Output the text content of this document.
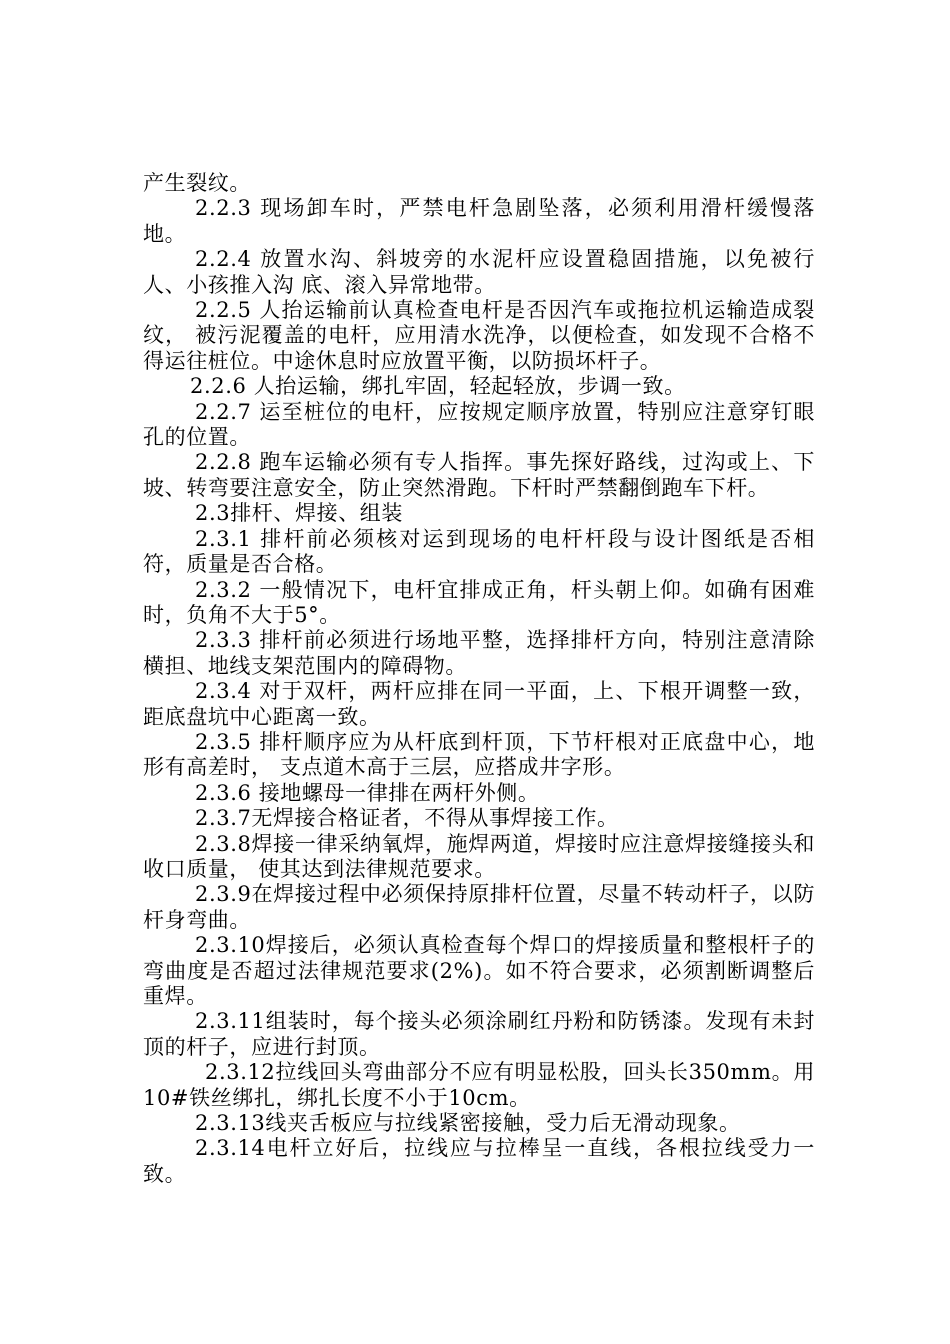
产生裂纹。

2.2.3 现场卸车时，严禁电杆急剧坠落，必须利用滑杆缓慢落地。

2.2.4 放置水沟、斜坡旁的水泥杆应设置稳固措施，以免被行人、小孩推入沟 底、滚入异常地带。

2.2.5 人抬运输前认真检查电杆是否因汽车或拖拉机运输造成裂纹， 被污泥覆盖的电杆，应用清水洗净，以便检查，如发现不合格不得运往桩位。中途休息时应放置平衡，以防损坏杆子。

2.2.6 人抬运输，绑扎牢固，轻起轻放，步调一致。

2.2.7 运至桩位的电杆，应按规定顺序放置，特别应注意穿钉眼孔的位置。

2.2.8 跑车运输必须有专人指挥。事先探好路线，过沟或上、下坡、转弯要注意安全，防止突然滑跑。下杆时严禁翻倒跑车下杆。

2.3排杆、焊接、组装

2.3.1 排杆前必须核对运到现场的电杆杆段与设计图纸是否相符，质量是否合格。

2.3.2 一般情况下，电杆宜排成正角，杆头朝上仰。如确有困难时，负角不大于5°。

2.3.3 排杆前必须进行场地平整，选择排杆方向，特别注意清除横担、地线支架范围内的障碍物。

2.3.4 对于双杆，两杆应排在同一平面，上、下根开调整一致，距底盘坑中心距离一致。

2.3.5 排杆顺序应为从杆底到杆顶，下节杆根对正底盘中心，地形有高差时， 支点道木高于三层，应搭成井字形。

2.3.6 接地螺母一律排在两杆外侧。

2.3.7无焊接合格证者，不得从事焊接工作。

2.3.8焊接一律采纳氧焊，施焊两道，焊接时应注意焊接缝接头和收口质量， 使其达到法律规范要求。

2.3.9在焊接过程中必须保持原排杆位置，尽量不转动杆子，以防杆身弯曲。

2.3.10焊接后，必须认真检查每个焊口的焊接质量和整根杆子的弯曲度是否超过法律规范要求(2%)。如不符合要求，必须割断调整后重焊。

2.3.11组装时，每个接头必须涂刷红丹粉和防锈漆。发现有未封顶的杆子，应进行封顶。

2.3.12拉线回头弯曲部分不应有明显松股，回头长350mm。用10#铁丝绑扎，绑扎长度不小于10cm。

2.3.13线夹舌板应与拉线紧密接触，受力后无滑动现象。

2.3.14电杆立好后，拉线应与拉棒呈一直线，各根拉线受力一致。
